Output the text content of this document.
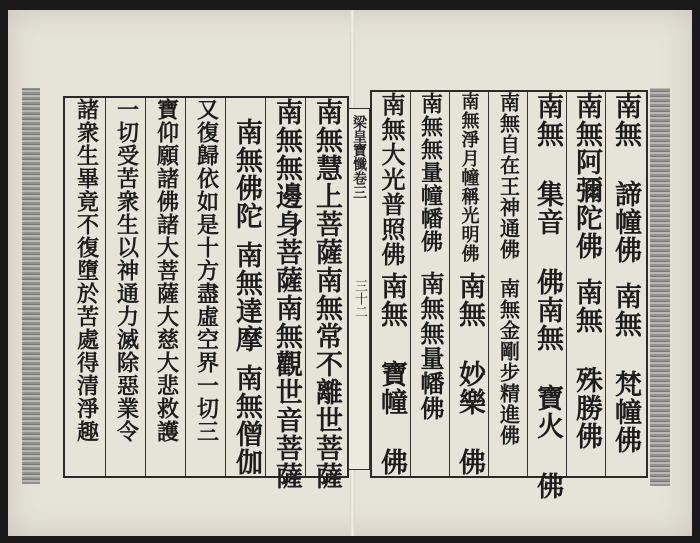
南無慧上菩薩
南無常不離世菩薩
南無無邊身菩薩
南無觀世音菩薩
南無佛陀
南無達摩
南無僧伽
又復歸依如是十方盡虛空界一切三
寶仰願諸佛諸大菩薩大慈大悲救護
一切受苦衆生以神通力滅除惡業令
諸衆生畢竟不復墮於苦處得清淨趣	梁皇寶懺卷三
三十二
南無 諦幢佛
南無 梵幢佛
南無阿彌陀佛
南無 殊勝佛
南無 集音 佛
南無 寶火 佛
南無自在王神通佛
南無金剛步精進佛
南無淨月幢稱光明佛
南無 妙樂 佛
南無無量幢幡佛
南無無量幡佛
南無大光普照佛
南無 寶幢 佛
